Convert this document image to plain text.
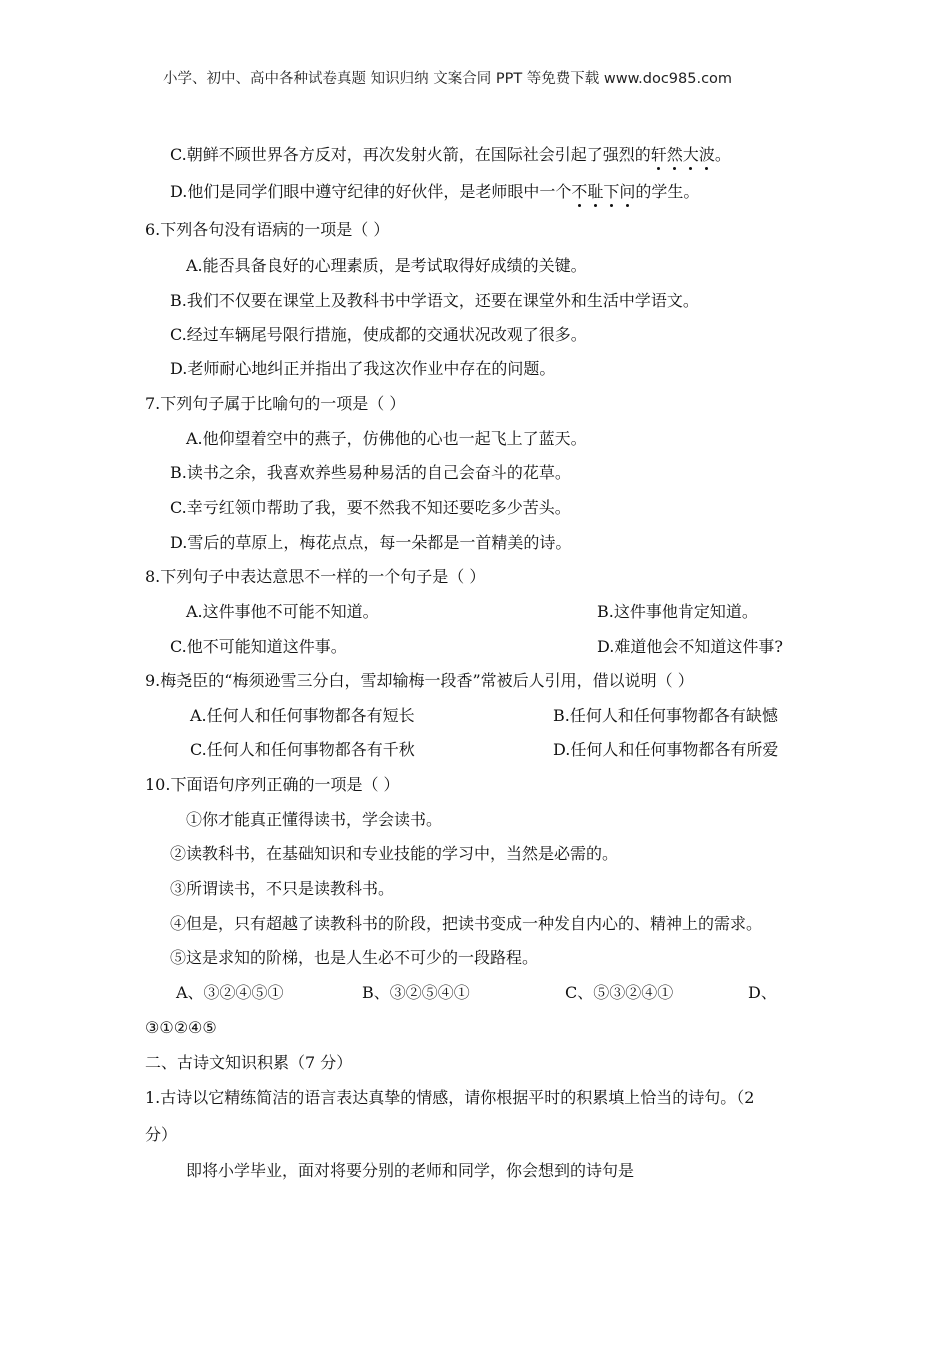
小学、初中、高中各种试卷真题 知识归纳 文案合同 PPT 等免费下载 www.doc985.com
C.朝鲜不顾世界各方反对，再次发射火箭，在国际社会引起了强烈的轩然大波。
D.他们是同学们眼中遵守纪律的好伙伴，是老师眼中一个不耻下问的学生。
6.下列各句没有语病的一项是（ ）
A.能否具备良好的心理素质，是考试取得好成绩的关键。
B.我们不仅要在课堂上及教科书中学语文，还要在课堂外和生活中学语文。
C.经过车辆尾号限行措施，使成都的交通状况改观了很多。
D.老师耐心地纠正并指出了我这次作业中存在的问题。
7.下列句子属于比喻句的一项是（ ）
A.他仰望着空中的燕子，仿佛他的心也一起飞上了蓝天。
B.读书之余，我喜欢养些易种易活的自己会奋斗的花草。
C.幸亏红领巾帮助了我，要不然我不知还要吃多少苦头。
D.雪后的草原上，梅花点点，每一朵都是一首精美的诗。
8.下列句子中表达意思不一样的一个句子是（ ）
A.这件事他不可能不知道。	B.这件事他肯定知道。
C.他不可能知道这件事。	D.难道他会不知道这件事?
9.梅尧臣的“梅须逊雪三分白，雪却输梅一段香”常被后人引用，借以说明（ ）
A.任何人和任何事物都各有短长	B.任何人和任何事物都各有缺憾
C.任何人和任何事物都各有千秋	D.任何人和任何事物都各有所爱
10.下面语句序列正确的一项是（ ）
①你才能真正懂得读书，学会读书。
②读教科书，在基础知识和专业技能的学习中，当然是必需的。
③所谓读书，不只是读教科书。
④但是，只有超越了读教科书的阶段，把读书变成一种发自内心的、精神上的需求。
⑤这是求知的阶梯，也是人生必不可少的一段路程。
A、③②④⑤①	B、③②⑤④①	C、⑤③②④①	D、
③①②④⑤
二、古诗文知识积累（7 分）
1.古诗以它精练简洁的语言表达真挚的情感，请你根据平时的积累填上恰当的诗句。（2
分）
即将小学毕业，面对将要分别的老师和同学，你会想到的诗句是
